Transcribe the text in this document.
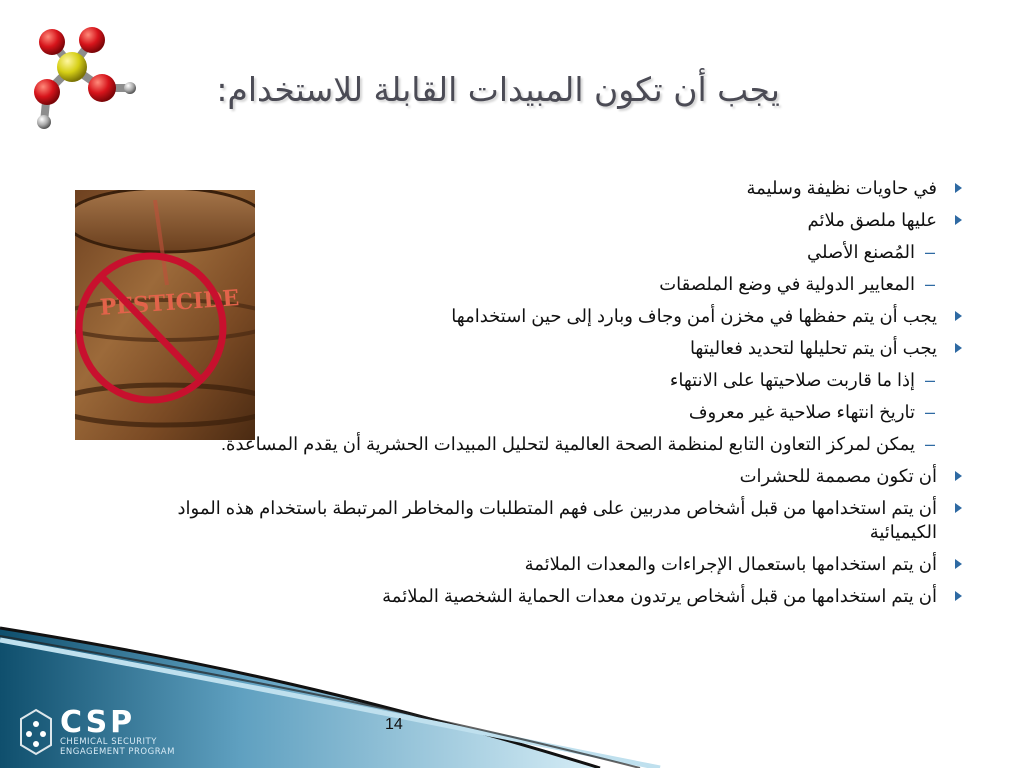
يجب أن تكون المبيدات القابلة للاستخدام:
PESTICIDE
في حاويات نظيفة وسليمة
عليها ملصق ملائم
–
المُصنع الأصلي
–
المعايير الدولية في وضع الملصقات
يجب أن يتم حفظها في مخزن أمن وجاف وبارد إلى حين استخدامها
يجب أن يتم تحليلها لتحديد فعاليتها
–
إذا ما قاربت صلاحيتها على الانتهاء
–
تاريخ انتهاء صلاحية غير معروف
–
يمكن لمركز التعاون التابع لمنظمة الصحة العالمية لتحليل المبيدات الحشرية أن يقدم المساعدة.
أن تكون مصممة للحشرات
أن يتم استخدامها من قبل أشخاص مدربين على فهم المتطلبات والمخاطر المرتبطة باستخدام هذه المواد الكيميائية
أن يتم استخدامها باستعمال الإجراءات والمعدات الملائمة
أن يتم استخدامها من قبل أشخاص يرتدون معدات الحماية الشخصية الملائمة
CSP
CHEMICAL SECURITY
ENGAGEMENT PROGRAM
14
